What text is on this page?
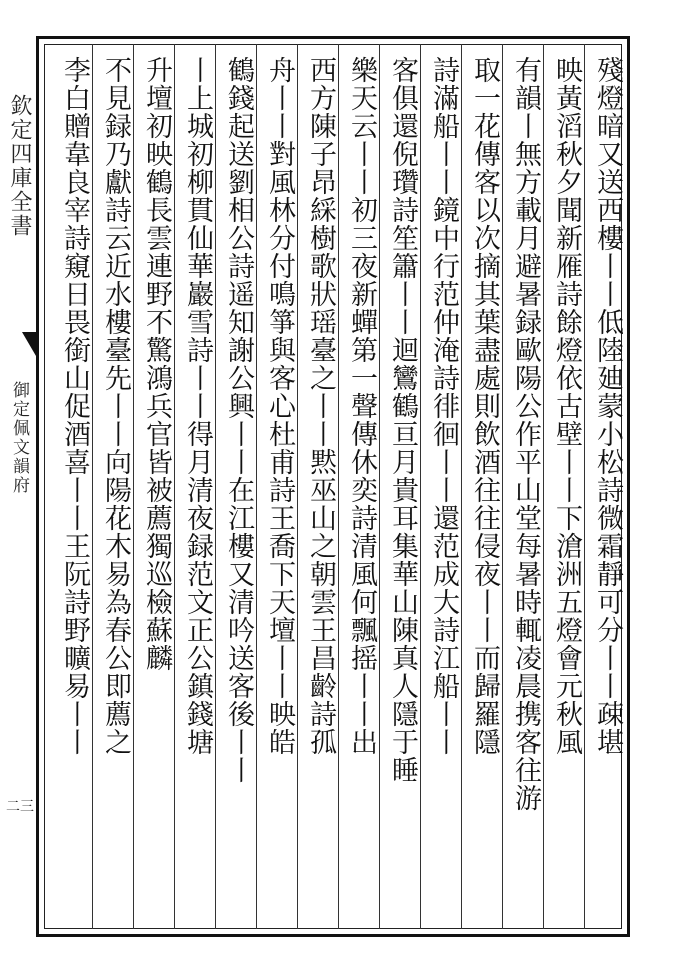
欽定四庫全書
御定佩文韻府
二三
殘燈暗又送西樓丨丨低陸廸蒙小松詩微霜靜可分丨丨疎堪
映黃滔秋夕聞新雁詩餘燈依古壁丨丨下滄洲五燈會元秋風
有韻丨無方載月避暑録歐陽公作平山堂每暑時輒凌晨携客往游
取一花傳客以次摘其葉盡處則飲酒往往侵夜丨丨而歸羅隱
詩滿船丨丨鏡中行范仲淹詩徘徊丨丨還范成大詩江船丨丨
客俱還倪瓚詩笙簫丨丨迴鸞鶴亘月貴耳集華山陳真人隱于睡
樂天云丨丨初三夜新蟬第一聲傳休奕詩清風何飄摇丨丨出
西方陳子昂綵樹歌狀瑶臺之丨丨黙巫山之朝雲王昌齡詩孤
舟丨丨對風林分付鳴箏與客心杜甫詩王喬下天壇丨丨映皓
鶴錢起送劉相公詩遥知謝公興丨丨在江樓又清吟送客後丨丨
丨上城初柳貫仙華巖雪詩丨丨得月清夜録范文正公鎮錢塘
升壇初映鶴長雲連野不驚鴻兵官皆被薦獨巡檢蘇麟
不見録乃獻詩云近水樓臺先丨丨向陽花木易為春公即薦之
李白贈韋良宰詩窺日畏銜山促酒喜丨丨王阮詩野曠易丨丨
